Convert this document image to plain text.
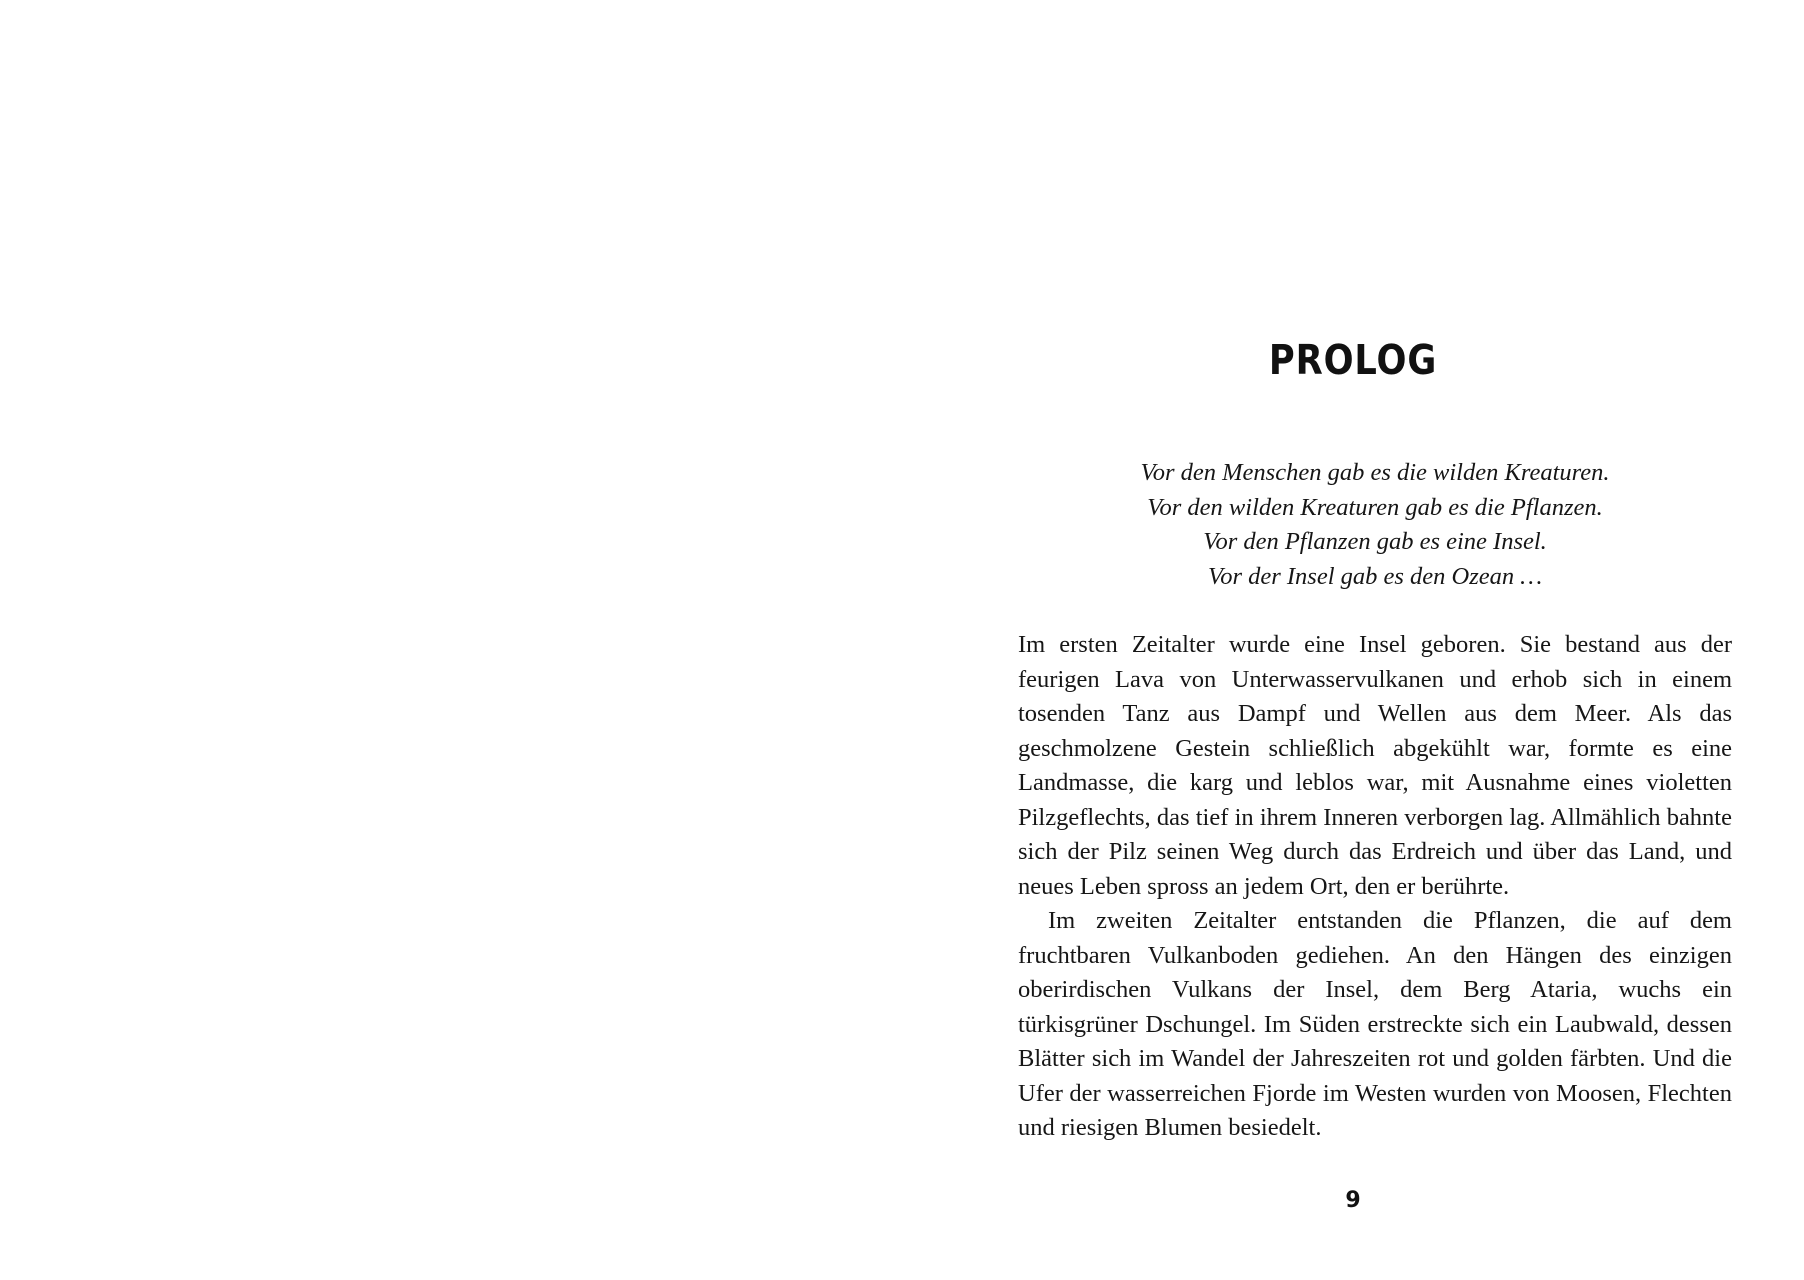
PROLOG
Vor den Menschen gab es die wilden Kreaturen.
Vor den wilden Kreaturen gab es die Pflanzen.
Vor den Pflanzen gab es eine Insel.
Vor der Insel gab es den Ozean …

Im ersten Zeitalter wurde eine Insel geboren. Sie bestand aus der feurigen Lava von Unterwasservulkanen und erhob sich in einem tosenden Tanz aus Dampf und Wellen aus dem Meer. Als das geschmolzene Gestein schließlich abgekühlt war, formte es eine Landmasse, die karg und leblos war, mit Ausnahme eines violetten Pilzgeflechts, das tief in ihrem Inneren verborgen lag. Allmählich bahnte sich der Pilz seinen Weg durch das Erdreich und über das Land, und neues Leben spross an jedem Ort, den er berührte.

Im zweiten Zeitalter entstanden die Pflanzen, die auf dem fruchtbaren Vulkanboden gediehen. An den Hängen des einzigen oberirdischen Vulkans der Insel, dem Berg Ataria, wuchs ein türkisgrüner Dschungel. Im Süden erstreckte sich ein Laubwald, dessen Blätter sich im Wandel der Jahreszeiten rot und golden färbten. Und die Ufer der wasserreichen Fjorde im Westen wurden von Moosen, Flechten und riesigen Blumen besiedelt.

9
